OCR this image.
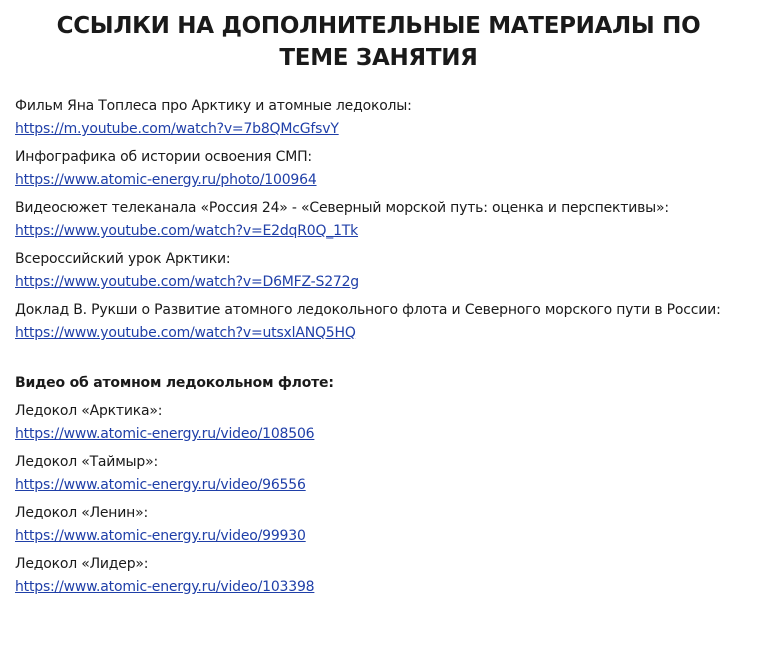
ССЫЛКИ НА ДОПОЛНИТЕЛЬНЫЕ МАТЕРИАЛЫ ПО
ТЕМЕ ЗАНЯТИЯ
Фильм Яна Топлеса про Арктику и атомные ледоколы:
https://m.youtube.com/watch?v=7b8QMcGfsvY
Инфографика об истории освоения СМП:
https://www.atomic-energy.ru/photo/100964
Видеосюжет телеканала «Россия 24» - «Северный морской путь: оценка и перспективы»:
https://www.youtube.com/watch?v=E2dqR0Q_1Tk
Всероссийский урок Арктики:
https://www.youtube.com/watch?v=D6MFZ-S272g
Доклад В. Рукши о Развитие атомного ледокольного флота и Северного морского пути в России:
https://www.youtube.com/watch?v=utsxlANQ5HQ
Видео об атомном ледокольном флоте:
Ледокол «Арктика»:
https://www.atomic-energy.ru/video/108506
Ледокол «Таймыр»:
https://www.atomic-energy.ru/video/96556
Ледокол «Ленин»:
https://www.atomic-energy.ru/video/99930
Ледокол «Лидер»:
https://www.atomic-energy.ru/video/103398
